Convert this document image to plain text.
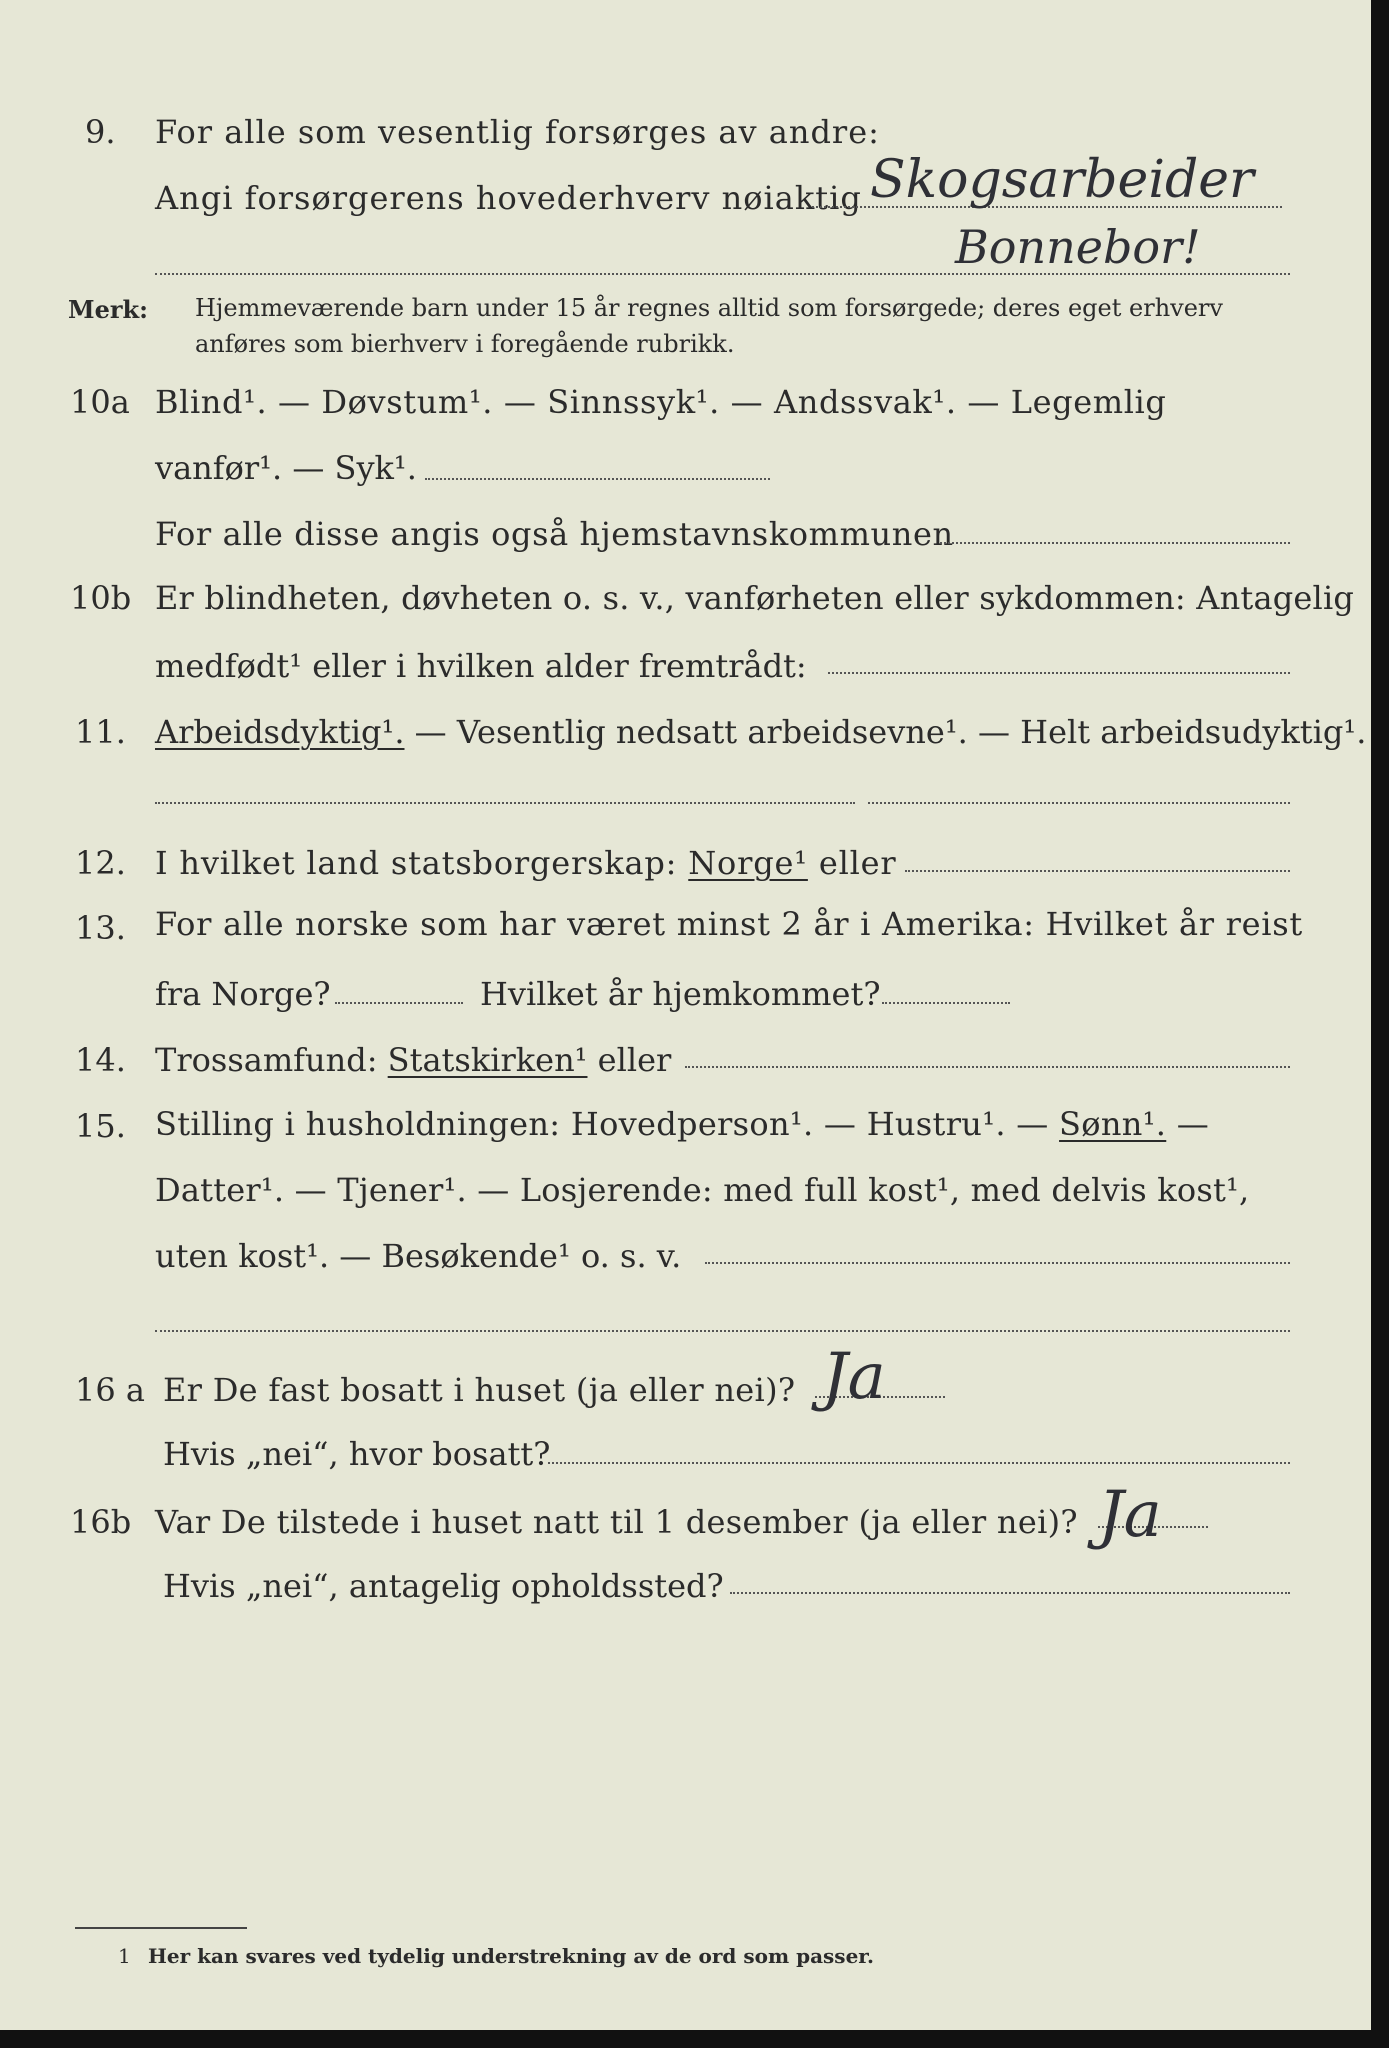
9. For alle som vesentlig forsørges av andre:
Angi forsørgerens hovederhverv nøiaktig Skogsarbeider
Bonnebor!
Merk: Hjemmeværende barn under 15 år regnes alltid som forsørgede; deres eget erhverv
anføres som bierhverv i foregående rubrikk.
10a Blind¹. — Døvstum¹. — Sinnssyk¹. — Andssvak¹. — Legemlig
vanfør¹. — Syk¹.
For alle disse angis også hjemstavnskommunen
10b Er blindheten, døvheten o. s. v., vanførheten eller sykdommen: Antagelig
medfødt¹ eller i hvilken alder fremtrådt:
11. Arbeidsdyktig¹. — Vesentlig nedsatt arbeidsevne¹. — Helt arbeidsudyktig¹.
12. I hvilket land statsborgerskap: Norge¹ eller
13. For alle norske som har været minst 2 år i Amerika: Hvilket år reist
fra Norge?	Hvilket år hjemkommet?
14. Trossamfund: Statskirken¹ eller
15. Stilling i husholdningen: Hovedperson¹. — Hustru¹. — Sønn¹. —
Datter¹. — Tjener¹. — Losjerende: med full kost¹, med delvis kost¹,
uten kost¹. — Besøkende¹ o. s. v.
16 a Er De fast bosatt i huset (ja eller nei)? Ja
Hvis „nei“, hvor bosatt?
16b Var De tilstede i huset natt til 1 desember (ja eller nei)? Ja
Hvis „nei“, antagelig opholdssted?
1 Her kan svares ved tydelig understrekning av de ord som passer.
